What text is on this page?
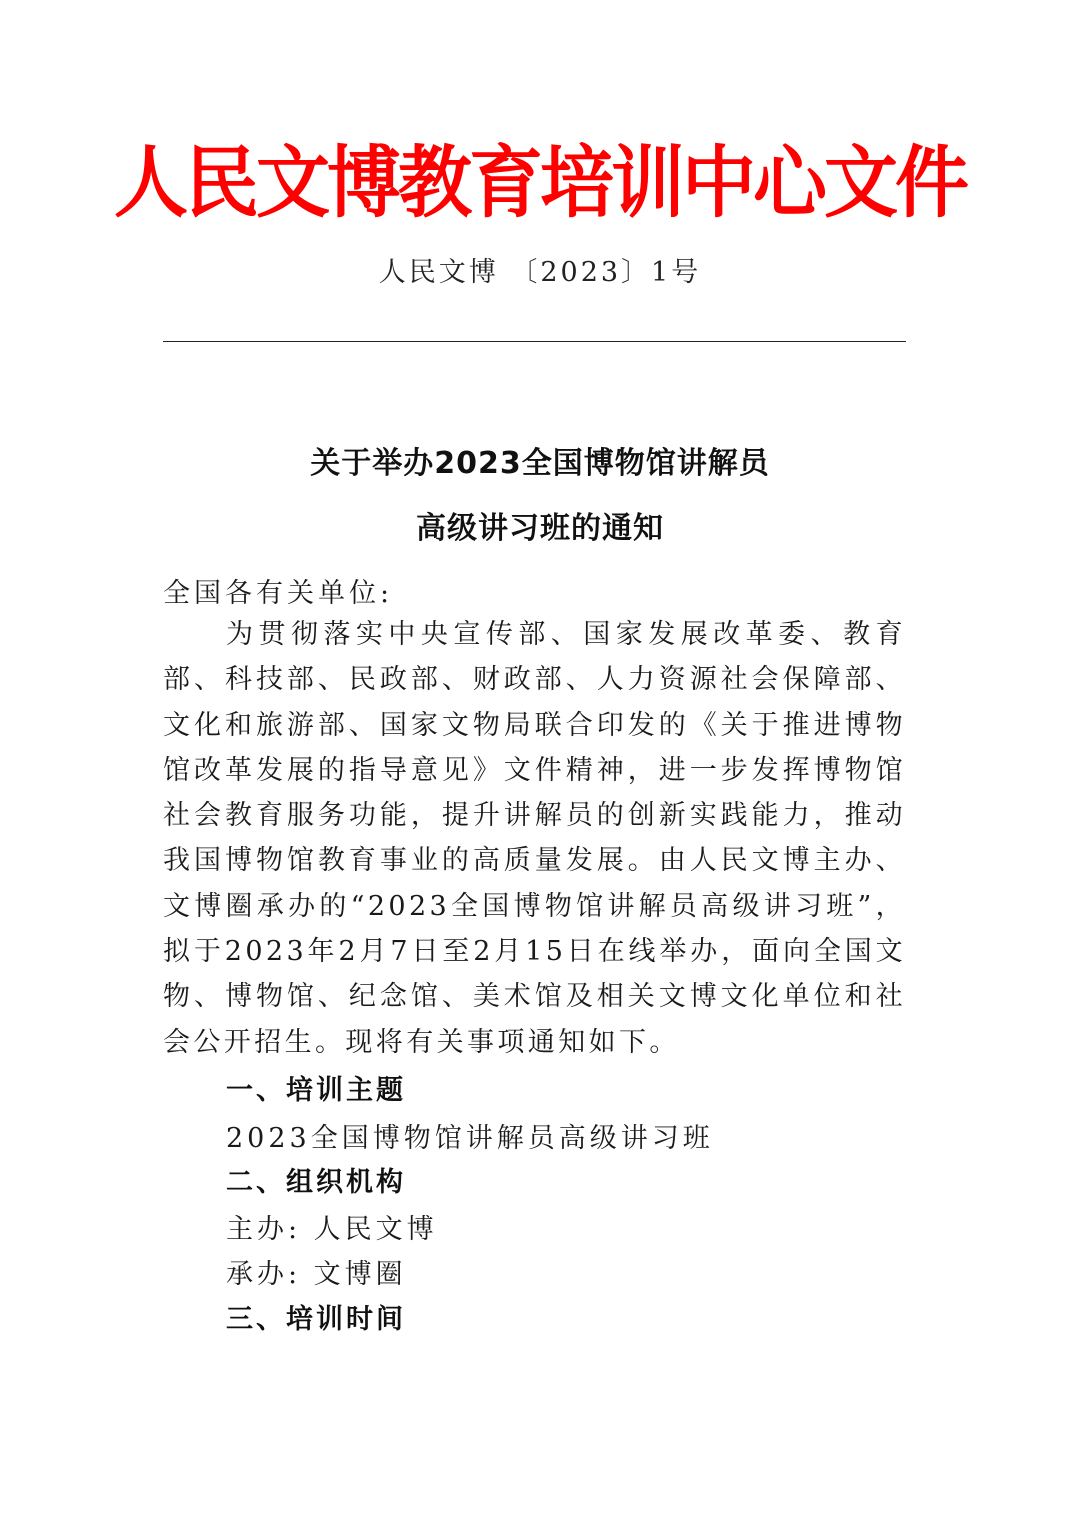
人民文博教育培训中心文件
人民文博 〔2023〕1号
关于举办2023全国博物馆讲解员
高级讲习班的通知
全国各有关单位:
为贯彻落实中央宣传部、国家发展改革委、教育部、科技部、民政部、财政部、人力资源社会保障部、文化和旅游部、国家文物局联合印发的《关于推进博物馆改革发展的指导意见》文件精神，进一步发挥博物馆社会教育服务功能，提升讲解员的创新实践能力，推动我国博物馆教育事业的高质量发展。由人民文博主办、文博圈承办的“2023全国博物馆讲解员高级讲习班”，拟于2023年2月7日至2月15日在线举办，面向全国文物、博物馆、纪念馆、美术馆及相关文博文化单位和社会公开招生。现将有关事项通知如下。
一、培训主题
2023全国博物馆讲解员高级讲习班
二、组织机构
主办: 人民文博
承办: 文博圈
三、培训时间
